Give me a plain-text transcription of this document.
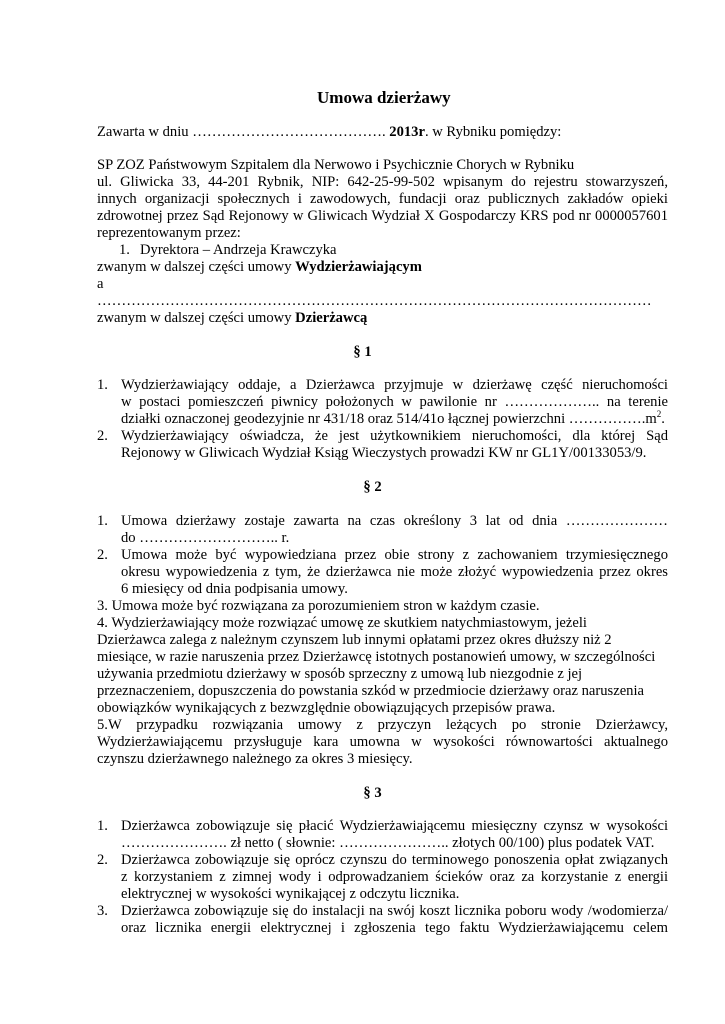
Umowa dzierżawy
Zawarta w dniu …………………………………. 2013r. w Rybniku pomiędzy:
SP ZOZ Państwowym Szpitalem dla Nerwowo i Psychicznie Chorych w Rybniku
ul. Gliwicka 33, 44-201 Rybnik, NIP: 642-25-99-502 wpisanym do rejestru stowarzyszeń,
innych organizacji społecznych i zawodowych, fundacji oraz publicznych zakładów opieki
zdrowotnej przez Sąd Rejonowy w Gliwicach Wydział X Gospodarczy KRS pod nr 0000057601
reprezentowanym przez:
1. Dyrektora – Andrzeja Krawczyka
zwanym w dalszej części umowy Wydzierżawiającym
a
……………………………………………………………………………………………………
zwanym w dalszej części umowy Dzierżawcą
§ 1
1. Wydzierżawiający oddaje, a Dzierżawca przyjmuje w dzierżawę część nieruchomości
w postaci pomieszczeń piwnicy położonych w pawilonie nr ……………….. na terenie
działki oznaczonej geodezyjnie nr 431/18 oraz 514/41o łącznej powierzchni $\dots\dots\dots\dots\dots.m^2$.
2. Wydzierżawiający oświadcza, że jest użytkownikiem nieruchomości, dla której Sąd
Rejonowy w Gliwicach Wydział Ksiąg Wieczystych prowadzi KW nr GL1Y/00133053/9.
§ 2
1. Umowa dzierżawy zostaje zawarta na czas określony 3 lat od dnia …………………
do ……………………….. r.
2. Umowa może być wypowiedziana przez obie strony z zachowaniem trzymiesięcznego
okresu wypowiedzenia z tym, że dzierżawca nie może złożyć wypowiedzenia przez okres
6 miesięcy od dnia podpisania umowy.
3. Umowa może być rozwiązana za porozumieniem stron w każdym czasie.
4. Wydzierżawiający może rozwiązać umowę ze skutkiem natychmiastowym, jeżeli
Dzierżawca zalega z należnym czynszem lub innymi opłatami przez okres dłuższy niż 2
miesiące, w razie naruszenia przez Dzierżawcę istotnych postanowień umowy, w szczególności
używania przedmiotu dzierżawy w sposób sprzeczny z umową lub niezgodnie z jej
przeznaczeniem, dopuszczenia do powstania szkód w przedmiocie dzierżawy oraz naruszenia
obowiązków wynikających z bezwzględnie obowiązujących przepisów prawa.
5.W przypadku rozwiązania umowy z przyczyn leżących po stronie Dzierżawcy,
Wydzierżawiającemu przysługuje kara umowna w wysokości równowartości aktualnego
czynszu dzierżawnego należnego za okres 3 miesięcy.
§ 3
1. Dzierżawca zobowiązuje się płacić Wydzierżawiającemu miesięczny czynsz w wysokości
…………………. zł netto ( słownie: ………………….. złotych 00/100) plus podatek VAT.
2. Dzierżawca zobowiązuje się oprócz czynszu do terminowego ponoszenia opłat związanych
z korzystaniem z zimnej wody i odprowadzaniem ścieków oraz za korzystanie z energii
elektrycznej w wysokości wynikającej z odczytu licznika.
3. Dzierżawca zobowiązuje się do instalacji na swój koszt licznika poboru wody /wodomierza/
oraz licznika energii elektrycznej i zgłoszenia tego faktu Wydzierżawiającemu celem
